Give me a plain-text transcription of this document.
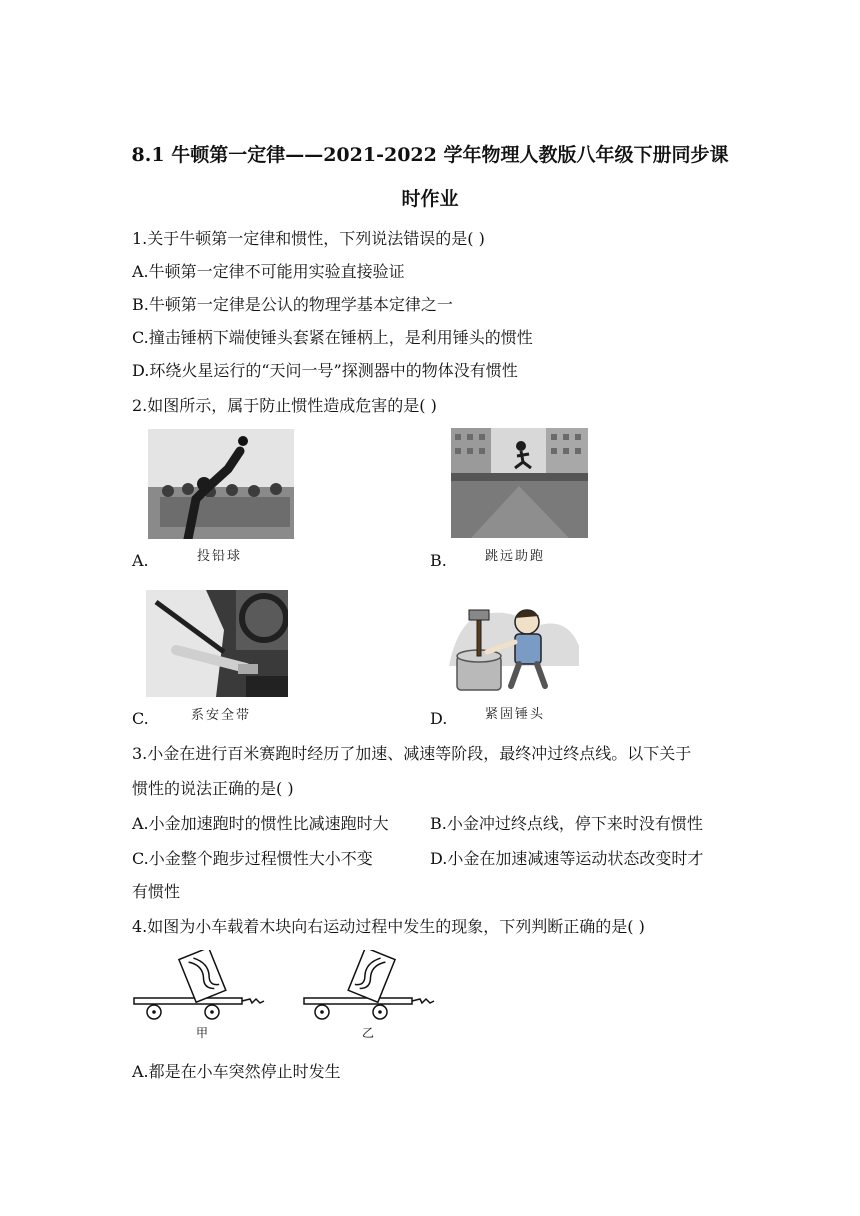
8.1 牛顿第一定律——2021-2022 学年物理人教版八年级下册同步课
时作业
1.关于牛顿第一定律和惯性，下列说法错误的是( )
A.牛顿第一定律不可能用实验直接验证
B.牛顿第一定律是公认的物理学基本定律之一
C.撞击锤柄下端使锤头套紧在锤柄上，是利用锤头的惯性
D.环绕火星运行的“天问一号”探测器中的物体没有惯性
2.如图所示，属于防止惯性造成危害的是( )
A.	投铅球	B.	跳远助跑
C.	系安全带	D.	紧固锤头
3.小金在进行百米赛跑时经历了加速、减速等阶段，最终冲过终点线。以下关于
惯性的说法正确的是( )
A.小金加速跑时的惯性比减速跑时大	B.小金冲过终点线，停下来时没有惯性
C.小金整个跑步过程惯性大小不变	D.小金在加速减速等运动状态改变时才
有惯性
4.如图为小车载着木块向右运动过程中发生的现象，下列判断正确的是( )
甲	乙
A.都是在小车突然停止时发生
